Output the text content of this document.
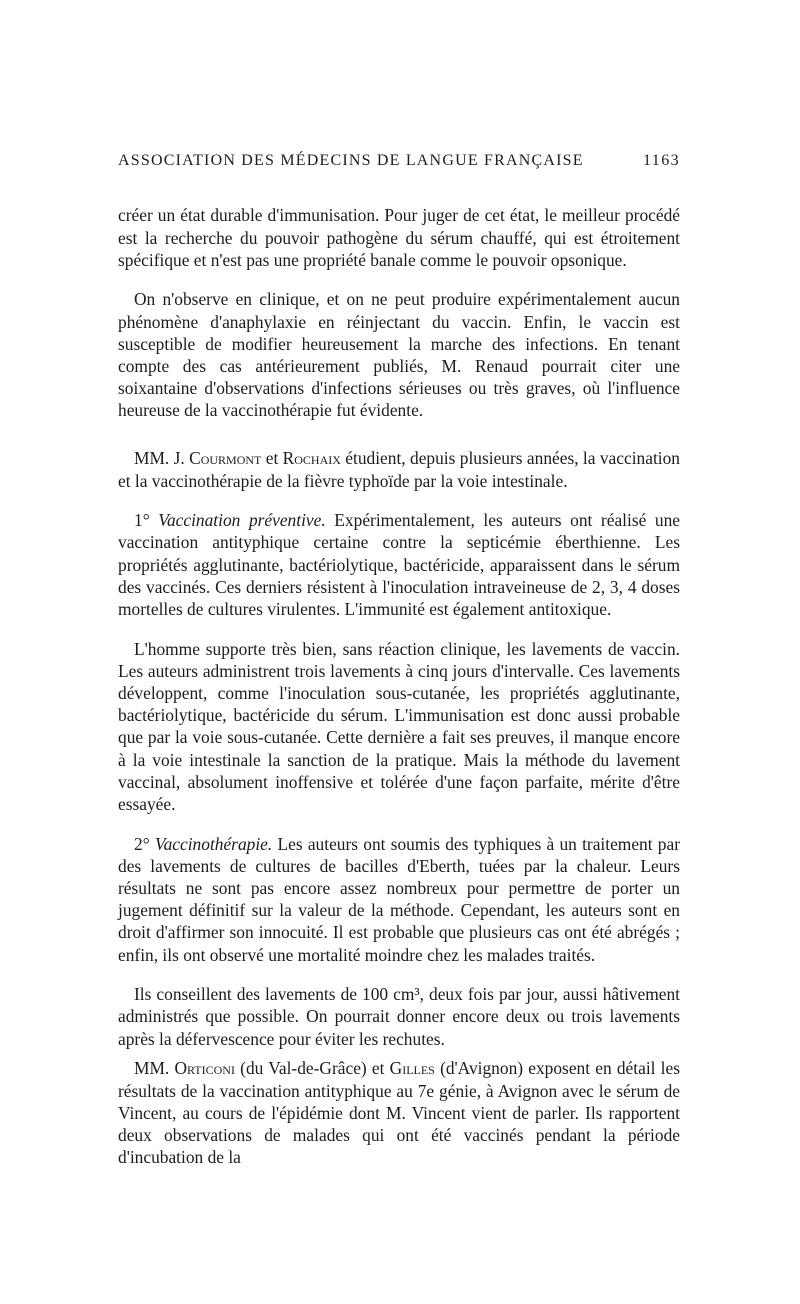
ASSOCIATION DES MÉDECINS DE LANGUE FRANÇAISE	1163

créer un état durable d'immunisation. Pour juger de cet état, le meilleur procédé est la recherche du pouvoir pathogène du sérum chauffé, qui est étroitement spécifique et n'est pas une propriété banale comme le pouvoir opsonique.

On n'observe en clinique, et on ne peut produire expérimentalement aucun phénomène d'anaphylaxie en réinjectant du vaccin. Enfin, le vaccin est susceptible de modifier heureusement la marche des infections. En tenant compte des cas antérieurement publiés, M. Renaud pourrait citer une soixantaine d'observations d'infections sérieuses ou très graves, où l'influence heureuse de la vaccinothérapie fut évidente.

MM. J. Courmont et Rochaix étudient, depuis plusieurs années, la vaccination et la vaccinothérapie de la fièvre typhoïde par la voie intestinale.

1° Vaccination préventive. Expérimentalement, les auteurs ont réalisé une vaccination antityphique certaine contre la septicémie éberthienne. Les propriétés agglutinante, bactériolytique, bactéricide, apparaissent dans le sérum des vaccinés. Ces derniers résistent à l'inoculation intraveineuse de 2, 3, 4 doses mortelles de cultures virulentes. L'immunité est également antitoxique.

L'homme supporte très bien, sans réaction clinique, les lavements de vaccin. Les auteurs administrent trois lavements à cinq jours d'intervalle. Ces lavements développent, comme l'inoculation sous-cutanée, les propriétés agglutinante, bactériolytique, bactéricide du sérum. L'immunisation est donc aussi probable que par la voie sous-cutanée. Cette dernière a fait ses preuves, il manque encore à la voie intestinale la sanction de la pratique. Mais la méthode du lavement vaccinal, absolument inoffensive et tolérée d'une façon parfaite, mérite d'être essayée.

2° Vaccinothérapie. Les auteurs ont soumis des typhiques à un traitement par des lavements de cultures de bacilles d'Eberth, tuées par la chaleur. Leurs résultats ne sont pas encore assez nombreux pour permettre de porter un jugement définitif sur la valeur de la méthode. Cependant, les auteurs sont en droit d'affirmer son innocuité. Il est probable que plusieurs cas ont été abrégés ; enfin, ils ont observé une mortalité moindre chez les malades traités.

Ils conseillent des lavements de 100 cm³, deux fois par jour, aussi hâtivement administrés que possible. On pourrait donner encore deux ou trois lavements après la défervescence pour éviter les rechutes.

MM. Orticoni (du Val-de-Grâce) et Gilles (d'Avignon) exposent en détail les résultats de la vaccination antityphique au 7e génie, à Avignon avec le sérum de Vincent, au cours de l'épidémie dont M. Vincent vient de parler. Ils rapportent deux observations de malades qui ont été vaccinés pendant la période d'incubation de la
